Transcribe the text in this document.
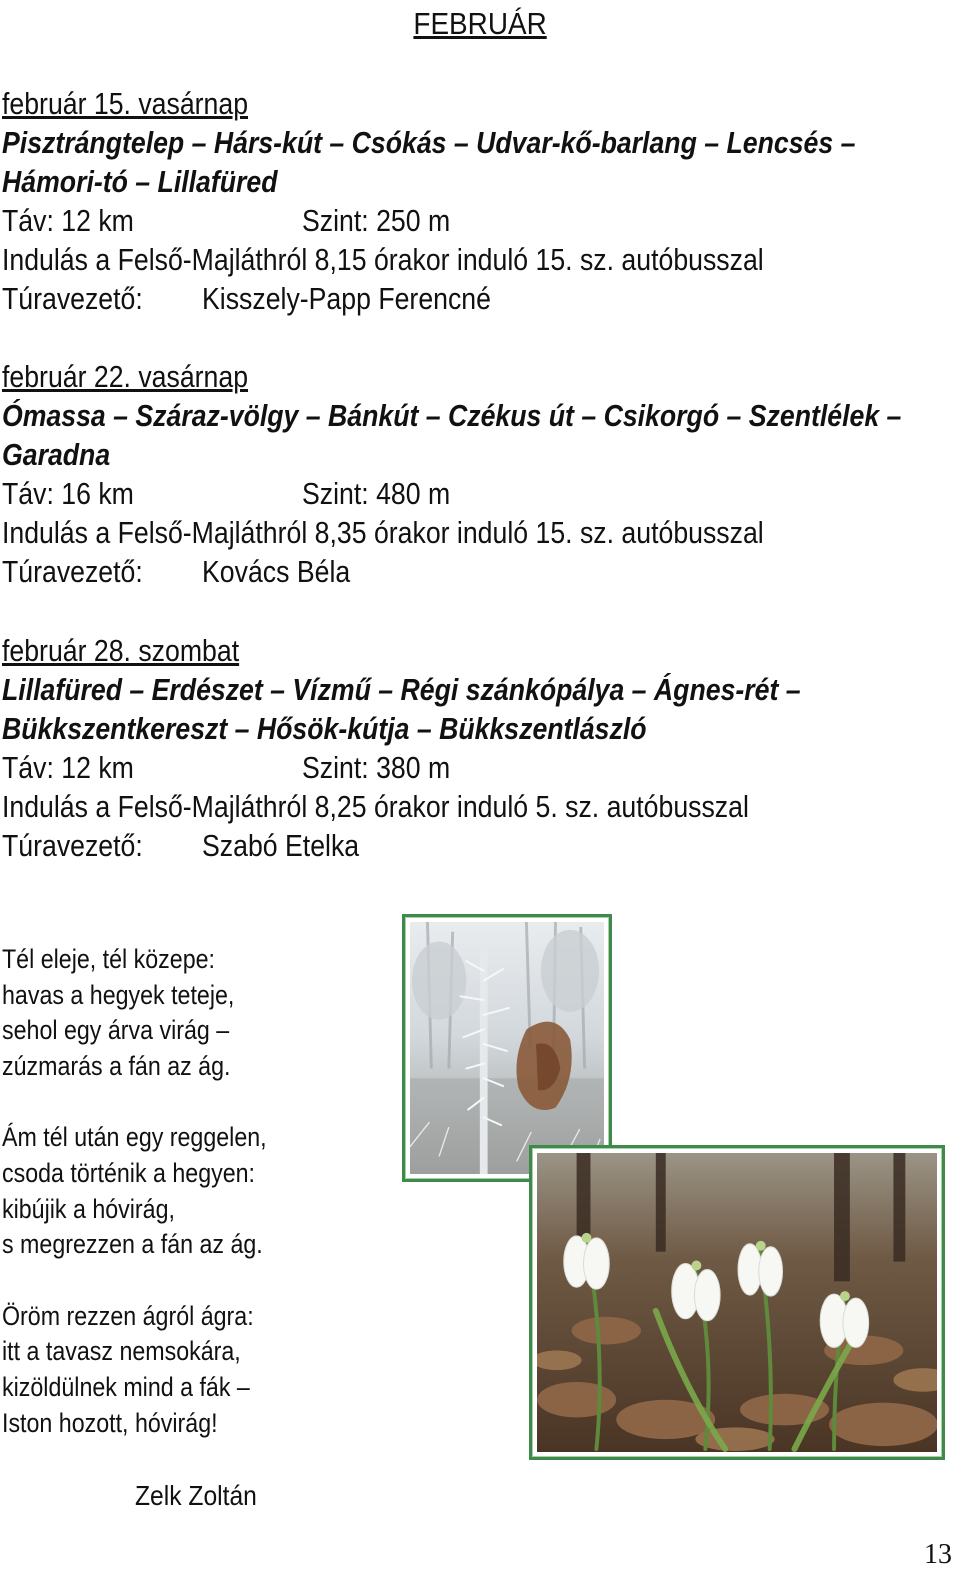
FEBRUÁR
február 15. vasárnap
Pisztrángtelep – Hárs-kút – Csókás – Udvar-kő-barlang – Lencsés –
Hámori-tó – Lillafüred
Táv: 12 km	Szint: 250 m
Indulás a Felső-Majláthról 8,15 órakor induló 15. sz. autóbusszal
Túravezető: Kisszely-Papp Ferencné
február 22. vasárnap
Ómassa – Száraz-völgy – Bánkút – Czékus út – Csikorgó – Szentlélek –
Garadna
Táv: 16 km	Szint: 480 m
Indulás a Felső-Majláthról 8,35 órakor induló 15. sz. autóbusszal
Túravezető: Kovács Béla
február 28. szombat
Lillafüred – Erdészet – Vízmű – Régi szánkópálya – Ágnes-rét –
Bükkszentkereszt – Hősök-kútja – Bükkszentlászló
Táv: 12 km	Szint: 380 m
Indulás a Felső-Majláthról 8,25 órakor induló 5. sz. autóbusszal
Túravezető: Szabó Etelka
Tél eleje, tél közepe:
havas a hegyek teteje,
sehol egy árva virág –
zúzmarás a fán az ág.
Ám tél után egy reggelen,
csoda történik a hegyen:
kibújik a hóvirág,
s megrezzen a fán az ág.
Öröm rezzen ágról ágra:
itt a tavasz nemsokára,
kizöldülnek mind a fák –
Iston hozott, hóvirág!
Zelk Zoltán
13
